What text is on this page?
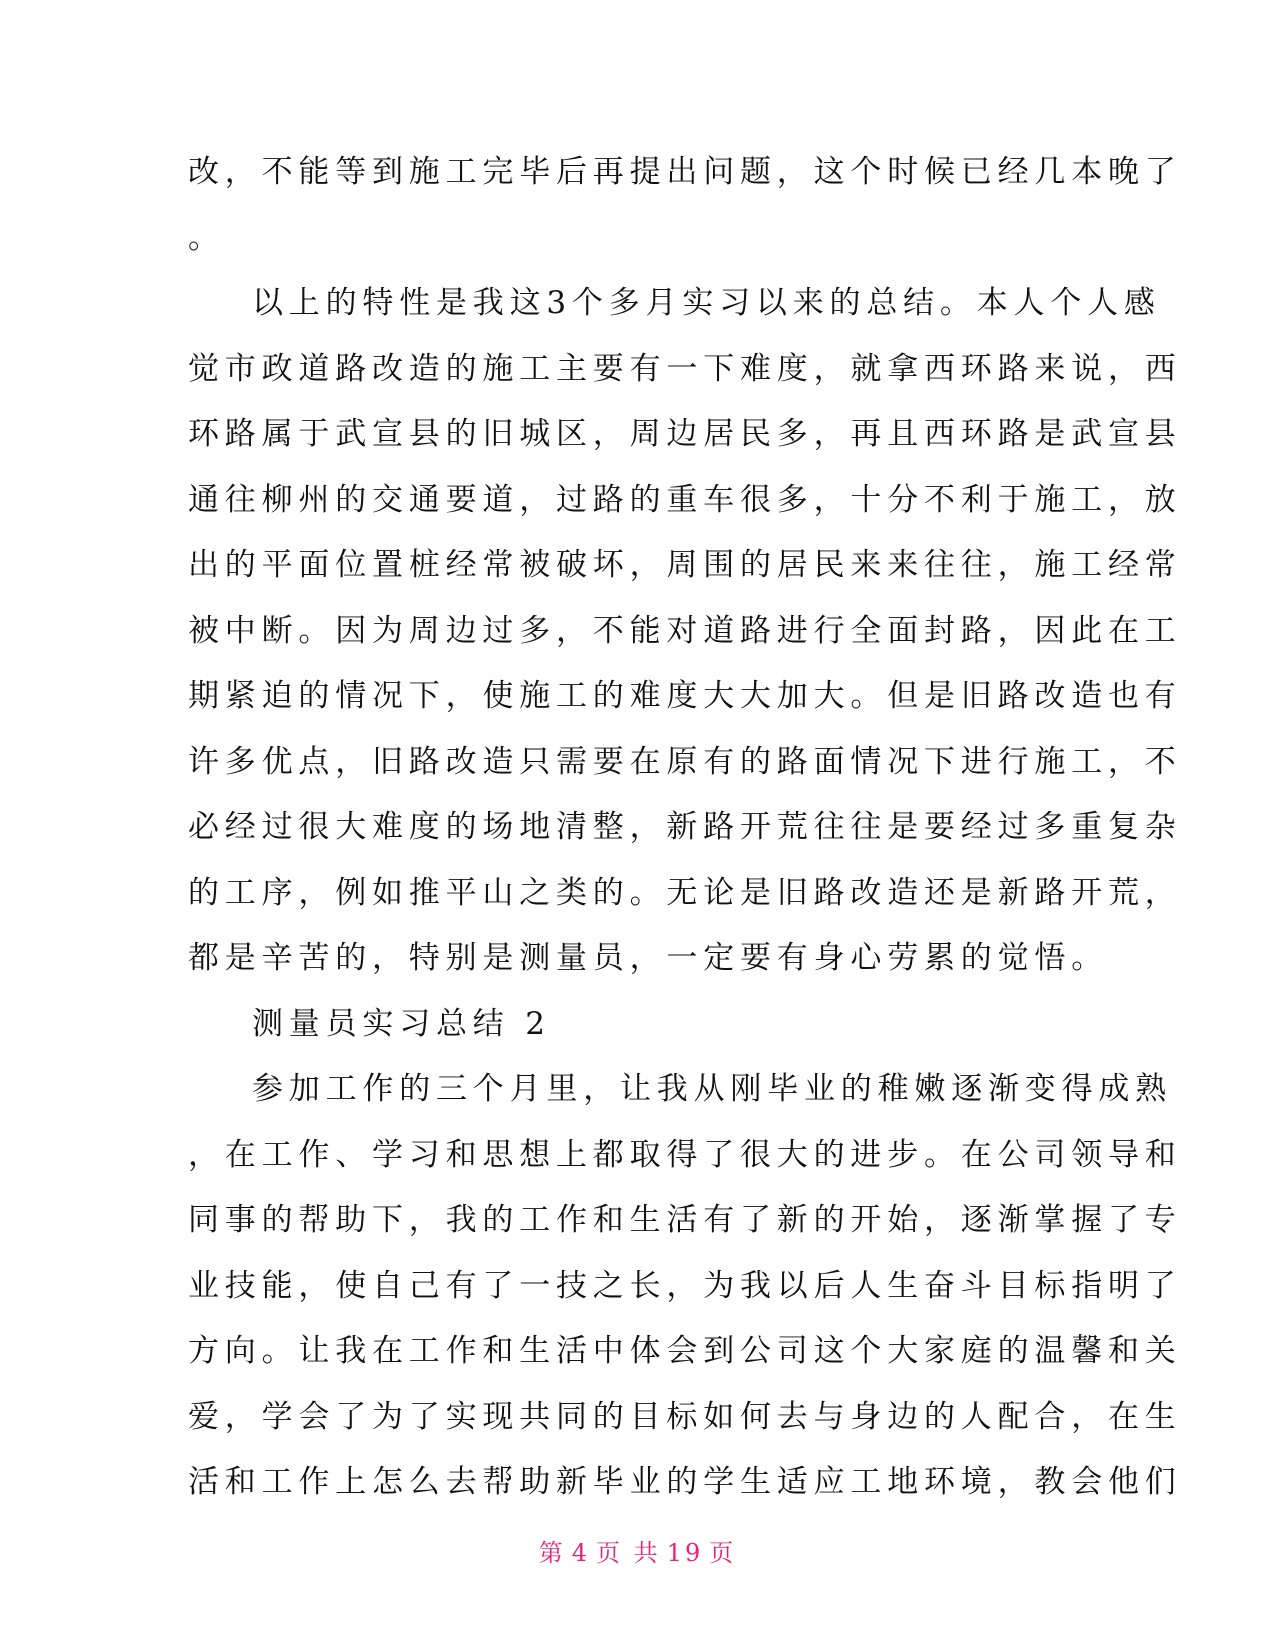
改，不能等到施工完毕后再提出问题，这个时候已经几本晚了
。
以上的特性是我这3个多月实习以来的总结。本人个人感
觉市政道路改造的施工主要有一下难度，就拿西环路来说，西
环路属于武宣县的旧城区，周边居民多，再且西环路是武宣县
通往柳州的交通要道，过路的重车很多，十分不利于施工，放
出的平面位置桩经常被破坏，周围的居民来来往往，施工经常
被中断。因为周边过多，不能对道路进行全面封路，因此在工
期紧迫的情况下，使施工的难度大大加大。但是旧路改造也有
许多优点，旧路改造只需要在原有的路面情况下进行施工，不
必经过很大难度的场地清整，新路开荒往往是要经过多重复杂
的工序，例如推平山之类的。无论是旧路改造还是新路开荒，
都是辛苦的，特别是测量员，一定要有身心劳累的觉悟。
测量员实习总结 2
参加工作的三个月里，让我从刚毕业的稚嫩逐渐变得成熟
，在工作、学习和思想上都取得了很大的进步。在公司领导和
同事的帮助下，我的工作和生活有了新的开始，逐渐掌握了专
业技能，使自己有了一技之长，为我以后人生奋斗目标指明了
方向。让我在工作和生活中体会到公司这个大家庭的温馨和关
爱，学会了为了实现共同的目标如何去与身边的人配合，在生
活和工作上怎么去帮助新毕业的学生适应工地环境，教会他们
第 4 页 共 19 页
